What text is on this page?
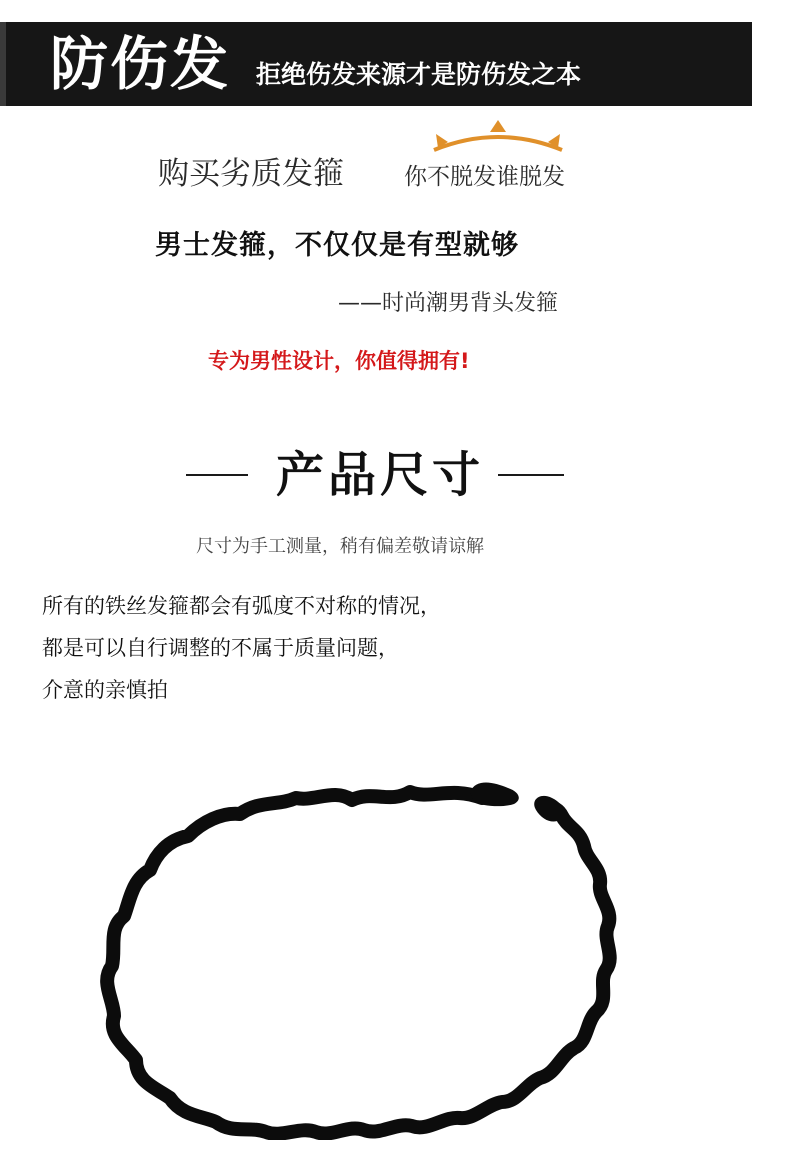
防伤发 拒绝伤发来源才是防伤发之本
购买劣质发箍	你不脱发谁脱发
男士发箍，不仅仅是有型就够
——时尚潮男背头发箍
专为男性设计，你值得拥有!
产品尺寸
尺寸为手工测量，稍有偏差敬请谅解
所有的铁丝发箍都会有弧度不对称的情况，
都是可以自行调整的不属于质量问题，
介意的亲慎拍
